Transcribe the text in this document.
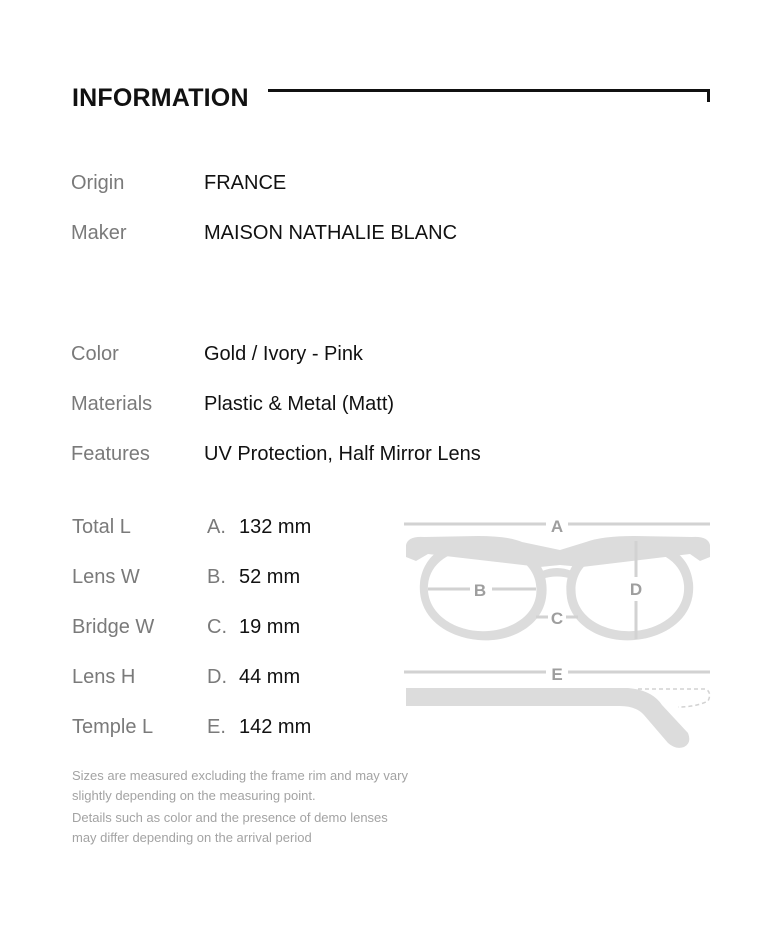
INFORMATION
Origin	FRANCE
Maker	MAISON NATHALIE BLANC
Color	Gold / Ivory - Pink
Materials	Plastic & Metal (Matt)
Features	UV Protection, Half Mirror Lens
Total L	A. 132 mm
Lens W	B. 52 mm
Bridge W	C. 19 mm
Lens H	D. 44 mm
Temple L	E. 142 mm
A
B
C
D
E
Sizes are measured excluding the frame rim and may vary slightly depending on the measuring point.
Details such as color and the presence of demo lenses may differ depending on the arrival period
